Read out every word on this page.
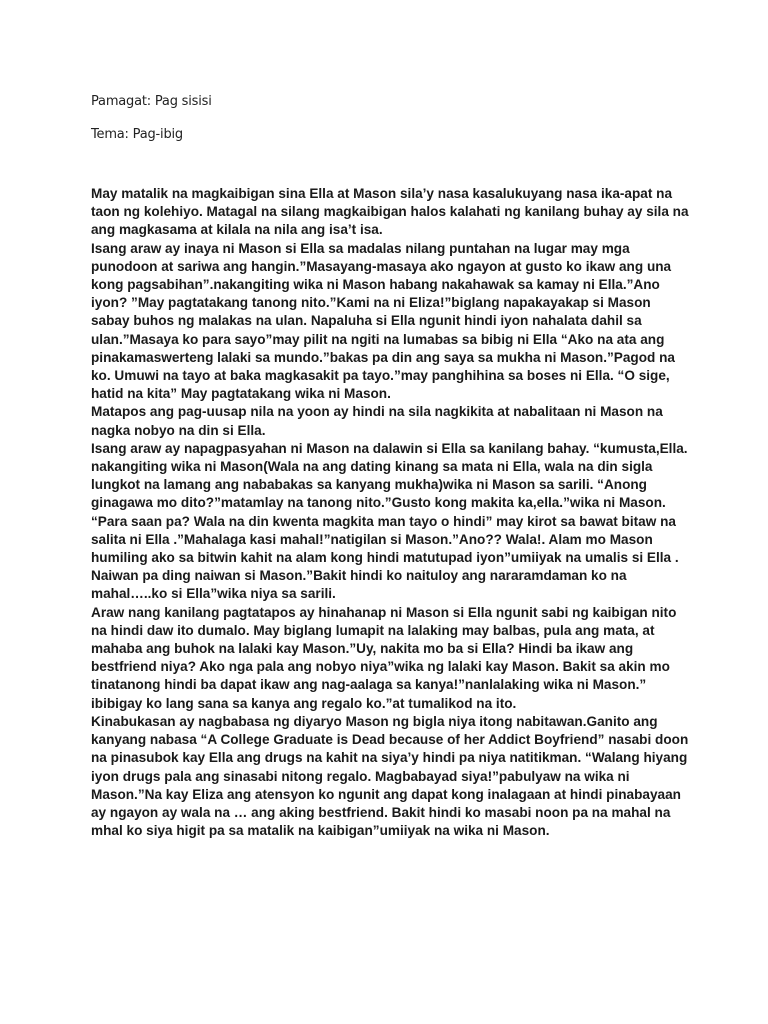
Pamagat: Pag sisisi

Tema: Pag-ibig

May matalik na magkaibigan sina Ella at Mason sila’y nasa kasalukuyang nasa ika-apat na taon ng kolehiyo. Matagal na silang magkaibigan halos kalahati ng kanilang buhay ay sila na ang magkasama at kilala na nila ang isa’t isa.

Isang araw ay inaya ni Mason si Ella sa madalas nilang puntahan na lugar may mga punodoon at sariwa ang hangin.”Masayang-masaya ako ngayon at gusto ko ikaw ang una kong pagsabihan”.nakangiting wika ni Mason habang nakahawak sa kamay ni Ella.”Ano iyon? ”May pagtatakang tanong nito.”Kami na ni Eliza!”biglang napakayakap si Mason sabay buhos ng malakas na ulan. Napaluha si Ella ngunit hindi iyon nahalata dahil sa ulan.”Masaya ko para sayo”may pilit na ngiti na lumabas sa bibig ni Ella “Ako na ata ang pinakamaswerteng lalaki sa mundo.”bakas pa din ang saya sa mukha ni Mason.”Pagod na ko. Umuwi na tayo at baka magkasakit pa tayo.”may panghihina sa boses ni Ella. “O sige, hatid na kita” May pagtatakang wika ni Mason.

Matapos ang pag-uusap nila na yoon ay hindi na sila nagkikita at nabalitaan ni Mason na nagka nobyo na din si Ella.

Isang araw ay napagpasyahan ni Mason na dalawin si Ella sa kanilang bahay. “kumusta,Ella. nakangiting wika ni Mason(Wala na ang dating kinang sa mata ni Ella, wala na din sigla lungkot na lamang ang nababakas sa kanyang mukha)wika ni Mason sa sarili. “Anong ginagawa mo dito?”matamlay na tanong nito.”Gusto kong makita ka,ella.”wika ni Mason. “Para saan pa? Wala na din kwenta magkita man tayo o hindi” may kirot sa bawat bitaw na salita ni Ella .”Mahalaga kasi mahal!”natigilan si Mason.”Ano?? Wala!. Alam mo Mason humiling ako sa bitwin kahit na alam kong hindi matutupad iyon”umiiyak na umalis si Ella . Naiwan pa ding naiwan si Mason.”Bakit hindi ko naituloy ang nararamdaman ko na mahal…..ko si Ella”wika niya sa sarili.

Araw nang kanilang pagtatapos ay hinahanap ni Mason si Ella ngunit sabi ng kaibigan nito na hindi daw ito dumalo. May biglang lumapit na lalaking may balbas, pula ang mata, at mahaba ang buhok na lalaki kay Mason.”Uy, nakita mo ba si Ella? Hindi ba ikaw ang bestfriend niya? Ako nga pala ang nobyo niya”wika ng lalaki kay Mason. Bakit sa akin mo tinatanong hindi ba dapat ikaw ang nag-aalaga sa kanya!”nanlalaking wika ni Mason.” ibibigay ko lang sana sa kanya ang regalo ko.”at tumalikod na ito.

Kinabukasan ay nagbabasa ng diyaryo Mason ng bigla niya itong nabitawan.Ganito ang kanyang nabasa “A College Graduate is Dead because of her Addict Boyfriend” nasabi doon na pinasubok kay Ella ang drugs na kahit na siya’y hindi pa niya natitikman. “Walang hiyang iyon drugs pala ang sinasabi nitong regalo. Magbabayad siya!”pabulyaw na wika ni Mason.”Na kay Eliza ang atensyon ko ngunit ang dapat kong inalagaan at hindi pinabayaan ay ngayon ay wala na … ang aking bestfriend. Bakit hindi ko masabi noon pa na mahal na mhal ko siya higit pa sa matalik na kaibigan”umiiyak na wika ni Mason.
